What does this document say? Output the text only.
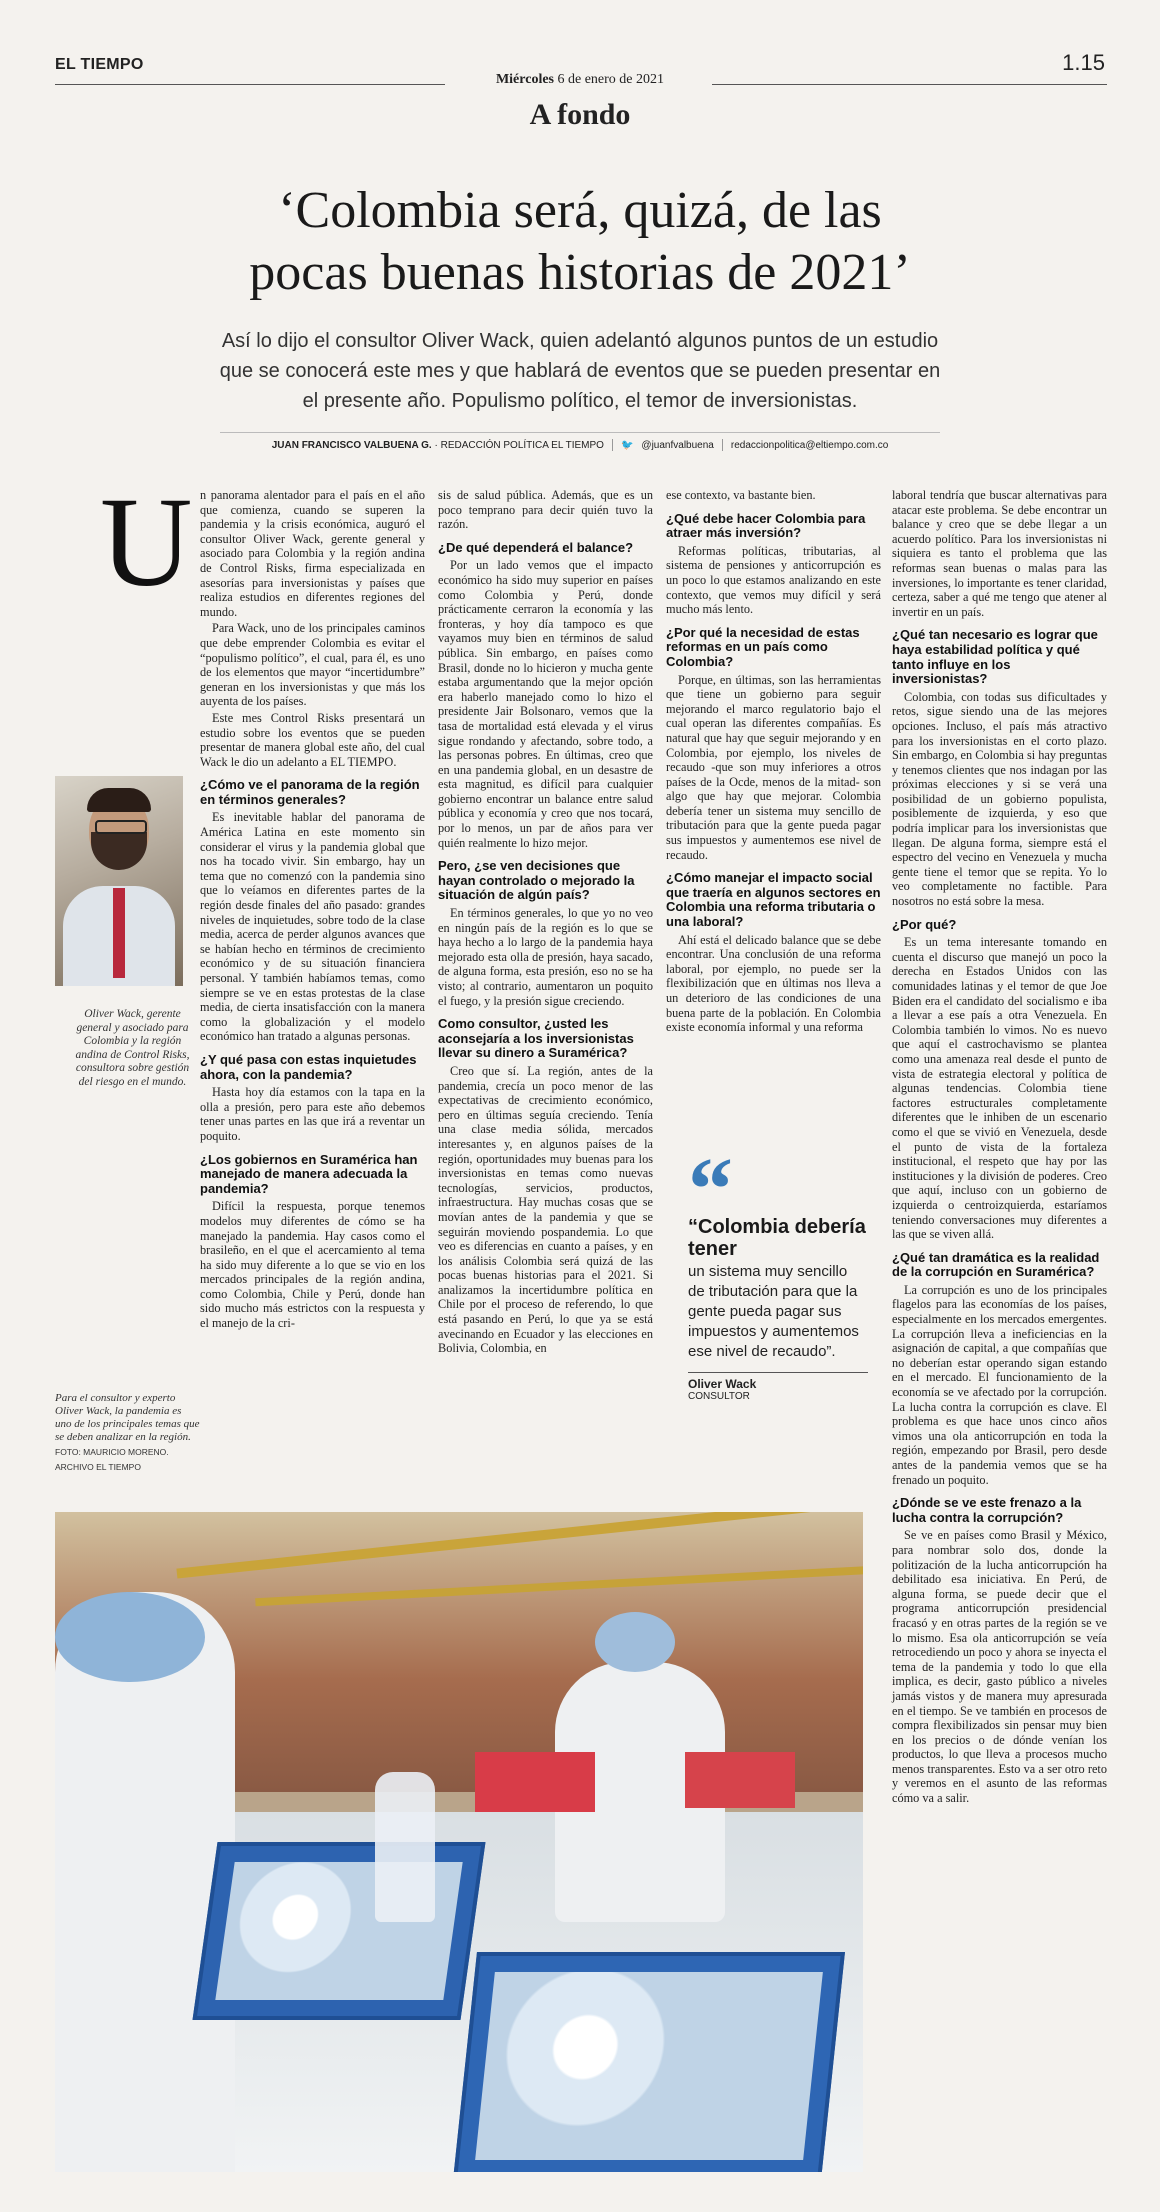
EL TIEMPO
Miércoles 6 de enero de 2021
1.15
A fondo
‘Colombia será, quizá, de las
pocas buenas historias de 2021’
Así lo dijo el consultor Oliver Wack, quien adelantó algunos puntos de un estudio que se conocerá este mes y que hablará de eventos que se pueden presentar en el presente año. Populismo político, el temor de inversionistas.
JUAN FRANCISCO VALBUENA G. · REDACCIÓN POLÍTICA EL TIEMPO 🐦 @juanfvalbuena redaccionpolitica@eltiempo.com.co
U n panorama alentador para el país en el año que comienza, cuando se superen la pandemia y la crisis económica, auguró el consultor Oliver Wack, gerente general y asociado para Colombia y la región andina de Control Risks, firma especializada en asesorías para inversionistas y países que realiza estudios en diferentes regiones del mundo.

Para Wack, uno de los principales caminos que debe emprender Colombia es evitar el “populismo político”, el cual, para él, es uno de los elementos que mayor “incertidumbre” generan en los inversionistas y que más los auyenta de los países.

Este mes Control Risks presentará un estudio sobre los eventos que se pueden presentar de manera global este año, del cual Wack le dio un adelanto a EL TIEMPO.

¿Cómo ve el panorama de la región en términos generales?

Es inevitable hablar del panorama de América Latina en este momento sin considerar el virus y la pandemia global que nos ha tocado vivir. Sin embargo, hay un tema que no comenzó con la pandemia sino que lo veíamos en diferentes partes de la región desde finales del año pasado: grandes niveles de inquietudes, sobre todo de la clase media, acerca de perder algunos avances que se habían hecho en términos de crecimiento económico y de su situación financiera personal. Y también habíamos temas, como siempre se ve en estas protestas de la clase media, de cierta insatisfacción con la manera como la globalización y el modelo económico han tratado a algunas personas.

¿Y qué pasa con estas inquietudes ahora, con la pandemia?

Hasta hoy día estamos con la tapa en la olla a presión, pero para este año debemos tener unas partes en las que irá a reventar un poquito.

¿Los gobiernos en Suramérica han manejado de manera adecuada la pandemia?

Difícil la respuesta, porque tenemos modelos muy diferentes de cómo se ha manejado la pandemia. Hay casos como el brasileño, en el que el acercamiento al tema ha sido muy diferente a lo que se vio en los mercados principales de la región andina, como Colombia, Chile y Perú, donde han sido mucho más estrictos con la respuesta y el manejo de la cri-

Oliver Wack, gerente general y asociado para Colombia y la región andina de Control Risks, consultora sobre gestión del riesgo en el mundo.

sis de salud pública. Además, que es un poco temprano para decir quién tuvo la razón.

¿De qué dependerá el balance?

Por un lado vemos que el impacto económico ha sido muy superior en países como Colombia y Perú, donde prácticamente cerraron la economía y las fronteras, y hoy día tampoco es que vayamos muy bien en términos de salud pública. Sin embargo, en países como Brasil, donde no lo hicieron y mucha gente estaba argumentando que la mejor opción era haberlo manejado como lo hizo el presidente Jair Bolsonaro, vemos que la tasa de mortalidad está elevada y el virus sigue rondando y afectando, sobre todo, a las personas pobres. En últimas, creo que en una pandemia global, en un desastre de esta magnitud, es difícil para cualquier gobierno encontrar un balance entre salud pública y economía y creo que nos tocará, por lo menos, un par de años para ver quién realmente lo hizo mejor.

Pero, ¿se ven decisiones que hayan controlado o mejorado la situación de algún país?

En términos generales, lo que yo no veo en ningún país de la región es lo que se haya hecho a lo largo de la pandemia haya mejorado esta olla de presión, haya sacado, de alguna forma, esta presión, eso no se ha visto; al contrario, aumentaron un poquito el fuego, y la presión sigue creciendo.

Como consultor, ¿usted les aconsejaría a los inversionistas llevar su dinero a Suramérica?

Creo que sí. La región, antes de la pandemia, crecía un poco menor de las expectativas de crecimiento económico, pero en últimas seguía creciendo. Tenía una clase media sólida, mercados interesantes y, en algunos países de la región, oportunidades muy buenas para los inversionistas en temas como nuevas tecnologías, servicios, productos, infraestructura. Hay muchas cosas que se movían antes de la pandemia y que se seguirán moviendo pospandemia. Lo que veo es diferencias en cuanto a países, y en los análisis Colombia será quizá de las pocas buenas historias para el 2021. Si analizamos la incertidumbre política en Chile por el proceso de referendo, lo que está pasando en Perú, lo que ya se está avecinando en Ecuador y las elecciones en Bolivia, Colombia, en

ese contexto, va bastante bien.

¿Qué debe hacer Colombia para atraer más inversión?

Reformas políticas, tributarias, al sistema de pensiones y anticorrupción es un poco lo que estamos analizando en este contexto, que vemos muy difícil y será mucho más lento.

¿Por qué la necesidad de estas reformas en un país como Colombia?

Porque, en últimas, son las herramientas que tiene un gobierno para seguir mejorando el marco regulatorio bajo el cual operan las diferentes compañías. Es natural que hay que seguir mejorando y en Colombia, por ejemplo, los niveles de recaudo -que son muy inferiores a otros países de la Ocde, menos de la mitad- son algo que hay que mejorar. Colombia debería tener un sistema muy sencillo de tributación para que la gente pueda pagar sus impuestos y aumentemos ese nivel de recaudo.

¿Cómo manejar el impacto social que traería en algunos sectores en Colombia una reforma tributaria o una laboral?

Ahí está el delicado balance que se debe encontrar. Una conclusión de una reforma laboral, por ejemplo, no puede ser la flexibilización que en últimas nos lleva a un deterioro de las condiciones de una buena parte de la población. En Colombia existe economía informal y una reforma

“
“Colombia debería tener
un sistema muy sencillo de tributación para que la gente pueda pagar sus impuestos y aumentemos ese nivel de recaudo”.
Oliver Wack
CONSULTOR

laboral tendría que buscar alternativas para atacar este problema. Se debe encontrar un balance y creo que se debe llegar a un acuerdo político. Para los inversionistas ni siquiera es tanto el problema que las reformas sean buenas o malas para las inversiones, lo importante es tener claridad, certeza, saber a qué me tengo que atener al invertir en un país.

¿Qué tan necesario es lograr que haya estabilidad política y qué tanto influye en los inversionistas?

Colombia, con todas sus dificultades y retos, sigue siendo una de las mejores opciones. Incluso, el país más atractivo para los inversionistas en el corto plazo. Sin embargo, en Colombia si hay preguntas y tenemos clientes que nos indagan por las próximas elecciones y si se verá una posibilidad de un gobierno populista, posiblemente de izquierda, y eso que podría implicar para los inversionistas que llegan. De alguna forma, siempre está el espectro del vecino en Venezuela y mucha gente tiene el temor que se repita. Yo lo veo completamente no factible. Para nosotros no está sobre la mesa.

¿Por qué?

Es un tema interesante tomando en cuenta el discurso que manejó un poco la derecha en Estados Unidos con las comunidades latinas y el temor de que Joe Biden era el candidato del socialismo e iba a llevar a ese país a otra Venezuela. En Colombia también lo vimos. No es nuevo que aquí el castrochavismo se plantea como una amenaza real desde el punto de vista de estrategia electoral y política de algunas tendencias. Colombia tiene factores estructurales completamente diferentes que le inhiben de un escenario como el que se vivió en Venezuela, desde el punto de vista de la fortaleza institucional, el respeto que hay por las instituciones y la división de poderes. Creo que aquí, incluso con un gobierno de izquierda o centroizquierda, estaríamos teniendo conversaciones muy diferentes a las que se viven allá.

¿Qué tan dramática es la realidad de la corrupción en Suramérica?

La corrupción es uno de los principales flagelos para las economías de los países, especialmente en los mercados emergentes. La corrupción lleva a ineficiencias en la asignación de capital, a que compañías que no deberían estar operando sigan estando en el mercado. El funcionamiento de la economía se ve afectado por la corrupción. La lucha contra la corrupción es clave. El problema es que hace unos cinco años vimos una ola anticorrupción en toda la región, empezando por Brasil, pero desde antes de la pandemia vemos que se ha frenado un poquito.

¿Dónde se ve este frenazo a la lucha contra la corrupción?

Se ve en países como Brasil y México, para nombrar solo dos, donde la politización de la lucha anticorrupción ha debilitado esa iniciativa. En Perú, de alguna forma, se puede decir que el programa anticorrupción presidencial fracasó y en otras partes de la región se ve lo mismo. Esa ola anticorrupción se veía retrocediendo un poco y ahora se inyecta el tema de la pandemia y todo lo que ella implica, es decir, gasto público a niveles jamás vistos y de manera muy apresurada en el tiempo. Se ve también en procesos de compra flexibilizados sin pensar muy bien en los precios o de dónde venían los productos, lo que lleva a procesos mucho menos transparentes. Esto va a ser otro reto y veremos en el asunto de las reformas cómo va a salir.

Para el consultor y experto Oliver Wack, la pandemia es uno de los principales temas que se deben analizar en la región.
FOTO: MAURICIO MORENO.
ARCHIVO EL TIEMPO
